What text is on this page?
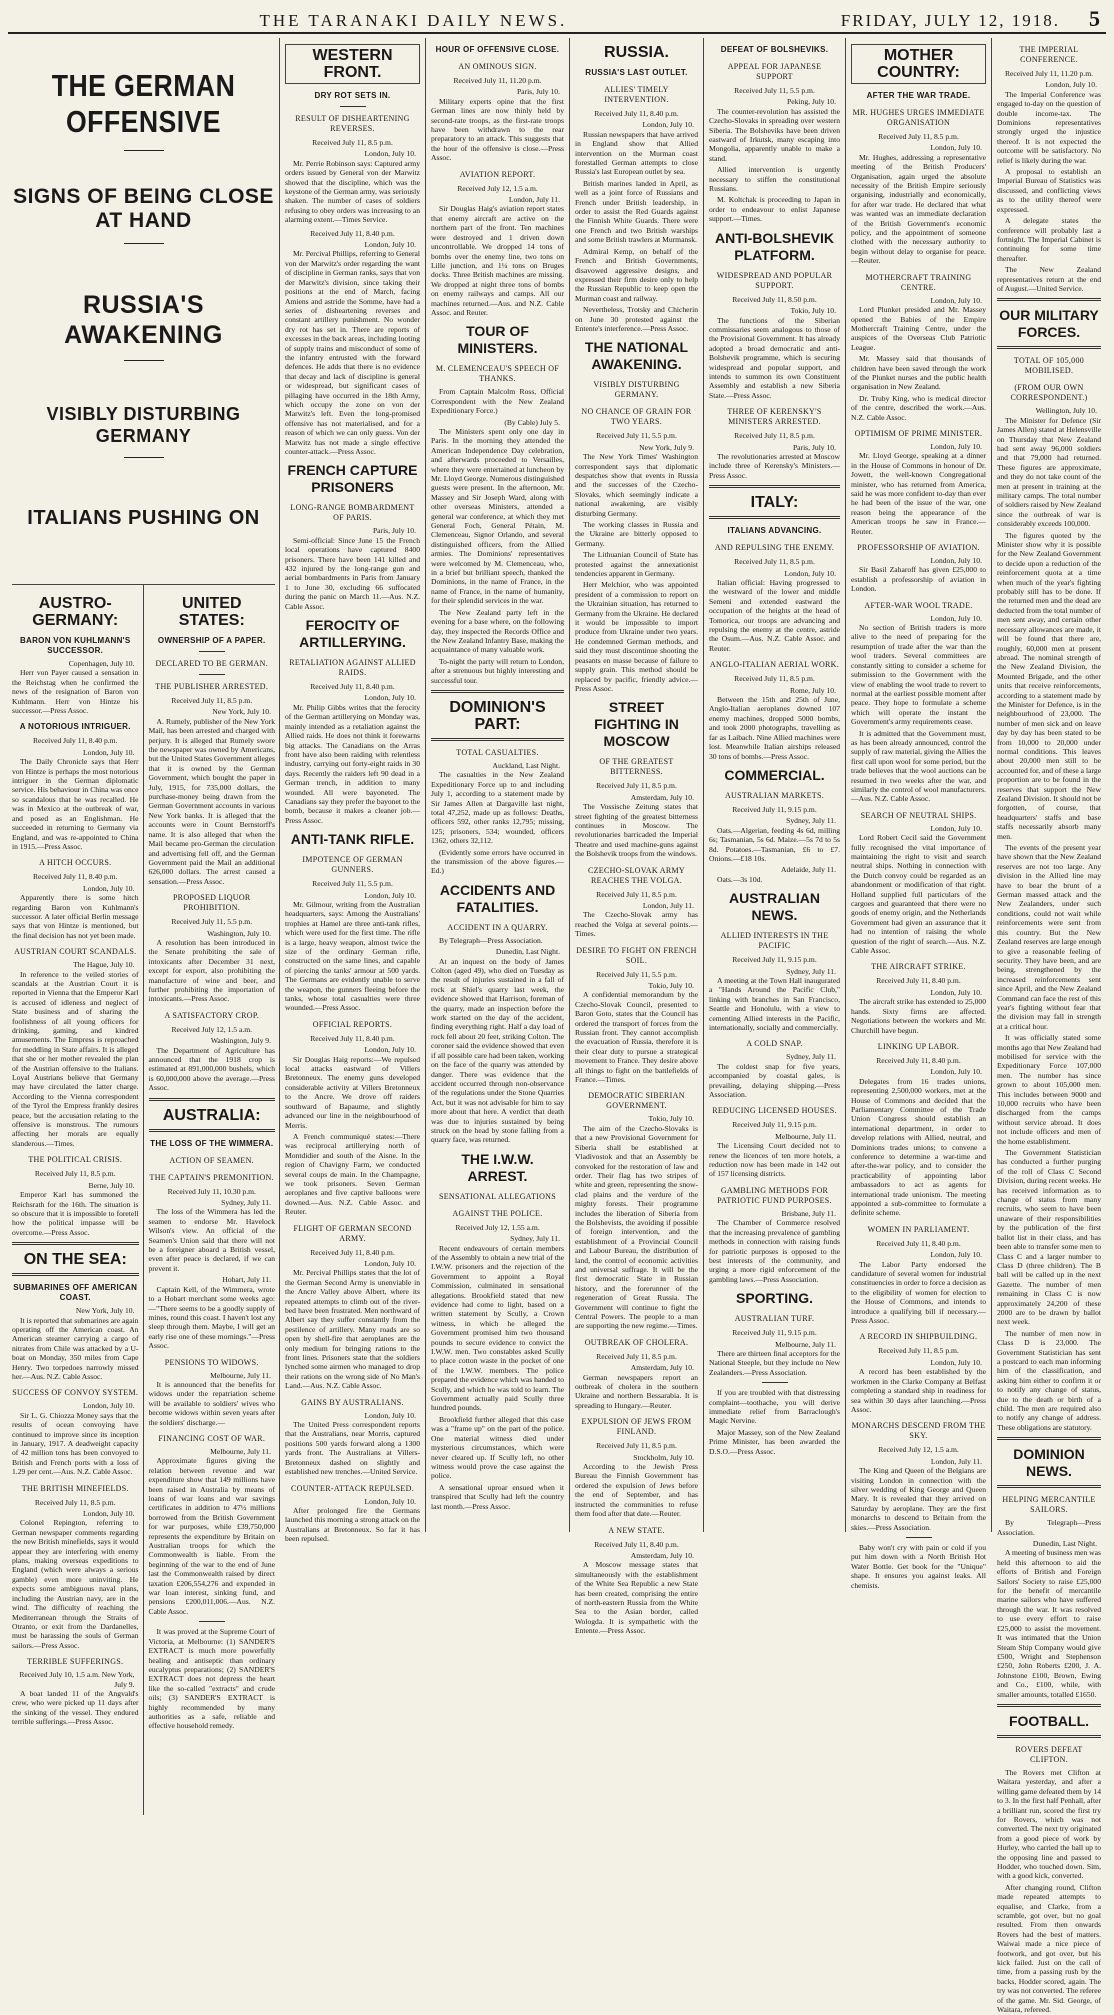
THE TARANAKI DAILY NEWS.	FRIDAY, JULY 12, 1918.	5
THE GERMAN OFFENSIVE
SIGNS OF BEING CLOSE AT HAND
RUSSIA'S AWAKENING
VISIBLY DISTURBING GERMANY
ITALIANS PUSHING ON
AUSTRO-GERMANY:
BARON VON KUHLMANN'S SUCCESSOR.
Copenhagen, July 10.

Herr von Payer caused a sensation in the Reichstag when he confirmed the news of the resignation of Baron von Kuhlmann. Herr von Hintze his successor.—Press Assoc.

A NOTORIOUS INTRIGUER.
Received July 11, 8.40 p.m.
London, July 10.

The Daily Chronicle says that Herr von Hintze is perhaps the most notorious intriguer in the German diplomatic service. His behaviour in China was once so scandalous that he was recalled. He was in Mexico at the outbreak of war, and posed as an Englishman. He succeeded in returning to Germany via England, and was re-appointed to China in 1915.—Press Assoc.

A HITCH OCCURS.
Received July 11, 8.40 p.m.
London, July 10.

Apparently there is some hitch regarding Baron von Kuhlmann's successor. A later official Berlin message says that von Hintze is mentioned, but the final decision has not yet been made.

AUSTRIAN COURT SCANDALS.
The Hague, July 10.

In reference to the veiled stories of scandals at the Austrian Court it is reported in Vienna that the Emperor Karl is accused of idleness and neglect of State business and of sharing the foolishness of all young officers for drinking, gaming, and kindred amusements. The Empress is reproached for meddling in State affairs. It is alleged that she or her mother revealed the plan of the Austrian offensive to the Italians. Loyal Austrians believe that Germany may have circulated the latter charge. According to the Vienna correspondent of the Tyrol the Empress frankly desires peace, but the accusation relating to the offensive is monstrous. The rumours affecting her morals are equally slanderous.—Times.

THE POLITICAL CRISIS.
Received July 11, 8.5 p.m.
Berne, July 10.

Emperor Karl has summoned the Reichsrath for the 16th. The situation is so obscure that it is impossible to foretell how the political impasse will be overcome.—Press Assoc.

ON THE SEA:
SUBMARINES OFF AMERICAN COAST.
New York, July 10.

It is reported that submarines are again operating off the American coast. An American steamer carrying a cargo of nitrates from Chile was attacked by a U-boat on Monday, 350 miles from Cape Henry. Two torpedoes narrowly missed her.—Aus. N.Z. Cable Assoc.

SUCCESS OF CONVOY SYSTEM.
London, July 10.

Sir L. G. Chiozza Money says that the results of ocean convoying have continued to improve since its inception in January, 1917. A deadweight capacity of 42 million tons has been convoyed to British and French ports with a loss of 1.29 per cent.—Aus. N.Z. Cable Assoc.

THE BRITISH MINEFIELDS.
Received July 11, 8.5 p.m.
London, July 10.

Colonel Repington, referring to German newspaper comments regarding the new British minefields, says it would appear they are interfering with enemy plans, making overseas expeditions to England (which were always a serious gamble) even more uninviting. He expects some ambiguous naval plans, including the Austrian navy, are in the wind. The difficulty of reaching the Mediterranean through the Straits of Otranto, or exit from the Dardanelles, must be harassing the souls of German sailors.—Press Assoc.

TERRIBLE SUFFERINGS.
Received July 10, 1.5 a.m. New York, July 9.

A boat landed 11 of the Angvald's crew, who were picked up 11 days after the sinking of the vessel. They endured terrible sufferings.—Press Assoc.

UNITED STATES:
OWNERSHIP OF A PAPER.
DECLARED TO BE GERMAN.
THE PUBLISHER ARRESTED.
Received July 11, 8.5 p.m.
New York, July 10.

A. Rumely, publisher of the New York Mail, has been arrested and charged with perjury. It is alleged that Rumely swore the newspaper was owned by Americans, but the United States Government alleges that it is owned by the German Government, which bought the paper in July, 1915, for 735,000 dollars, the purchase-money being drawn from the German Government accounts in various New York banks. It is alleged that the accounts were in Count Bernstorff's name. It is also alleged that when the Mail became pro-German the circulation and advertising fell off, and the German Government paid the Mail an additional 626,000 dollars. The arrest caused a sensation.—Press Assoc.

PROPOSED LIQUOR PROHIBITION.
Received July 11, 5.5 p.m.
Washington, July 10.

A resolution has been introduced in the Senate prohibiting the sale of intoxicants after December 31 next, except for export, also prohibiting the manufacture of wine and beer, and further prohibiting the importation of intoxicants.—Press Assoc.

A SATISFACTORY CROP.
Received July 12, 1.5 a.m.
Washington, July 9.

The Department of Agriculture has announced that the 1918 crop is estimated at 891,000,000 bushels, which is 60,000,000 above the average.—Press Assoc.

AUSTRALIA:
THE LOSS OF THE WIMMERA.
ACTION OF SEAMEN.
THE CAPTAIN'S PREMONITION.
Received July 11, 10.30 p.m.
Sydney, July 11.

The loss of the Wimmera has led the seamen to endorse Mr. Havelock Wilson's view. An official of the Seamen's Union said that there will not be a foreigner aboard a British vessel, even after peace is declared, if we can prevent it.

Hobart, July 11.

Captain Kell, of the Wimmera, wrote to a Hobart merchant some weeks ago:—"There seems to be a goodly supply of mines, round this coast. I haven't lost any sleep through them. Maybe, I will get an early rise one of these mornings."—Press Assoc.

PENSIONS TO WIDOWS.
Melbourne, July 11.

It is announced that the benefits for widows under the repatriation scheme will be available to soldiers' wives who become widows within seven years after the soldiers' discharge.—

FINANCING COST OF WAR.
Melbourne, July 11.

Approximate figures giving the relation between revenue and war expenditure show that 149 millions have been raised in Australia by means of loans of war loans and war savings certificates in addition to 47½ millions borrowed from the British Government for war purposes, while £39,750,000 represents the expenditure by Britain on Australian troops for which the Commonwealth is liable. From the beginning of the war to the end of June last the Commonwealth raised by direct taxation £206,554,276 and expended in war loan interest, sinking fund, and pensions £200,011,006.—Aus. N.Z. Cable Assoc.

It was proved at the Supreme Court of Victoria, at Melbourne: (1) SANDER'S EXTRACT is much more powerfully healing and antiseptic than ordinary eucalyptus preparations; (2) SANDER'S EXTRACT does not depress the heart like the so-called "extracts" and crude oils; (3) SANDER'S EXTRACT is highly recommended by many authorities as a safe, reliable and effective household remedy.

WESTERN FRONT.
DRY ROT SETS IN.
RESULT OF DISHEARTENING REVERSES.
Received July 11, 8.5 p.m.
London, July 10.

Mr. Perrie Robinson says: Captured army orders issued by General von der Marwitz showed that the discipline, which was the keystone of the German army, was seriously shaken. The number of cases of soldiers refusing to obey orders was increasing to an alarming extent.—Times Service.

Received July 11, 8.40 p.m.
London, July 10.

Mr. Percival Phillips, referring to General von der Marwitz's order regarding the want of discipline in German ranks, says that von der Marwitz's division, since taking their positions at the end of March, facing Amiens and astride the Somme, have had a series of disheartening reverses and constant artillery punishment. No wonder dry rot has set in. There are reports of excesses in the back areas, including looting of supply trains and misconduct of some of the infantry entrusted with the forward defences. He adds that there is no evidence that decay and lack of discipline is general or widespread, but significant cases of pillaging have occurred in the 18th Army, which occupy the zone on von der Marwitz's left. Even the long-promised offensive has not materialised, and for a reason of which we can only guess. Von der Marwitz has not made a single effective counter-attack.—Press Assoc.

FRENCH CAPTURE PRISONERS
LONG-RANGE BOMBARDMENT OF PARIS.
Paris, July 10.

Semi-official: Since June 15 the French local operations have captured 8400 prisoners. There have been 141 killed and 432 injured by the long-range gun and aerial bombardments in Paris from January 1 to June 30, excluding 66 suffocated during the panic on March 11.—Aus. N.Z. Cable Assoc.

FEROCITY OF ARTILLERYING.
RETALIATION AGAINST ALLIED RAIDS.
Received July 11, 8.40 p.m.
London, July 10.

Mr. Philip Gibbs writes that the ferocity of the German artillerying on Monday was, mainly intended as a retaliation against the Allied raids. He does not think it forewarns big attacks. The Canadians on the Arras front have also been raiding with relentless industry, carrying out forty-eight raids in 30 days. Recently the raiders left 90 dead in a German trench, in addition to many wounded. All were bayoneted. The Canadians say they prefer the bayonet to the bomb, because it makes a cleaner job.—Press Assoc.

ANTI-TANK RIFLE.
IMPOTENCE OF GERMAN GUNNERS.
Received July 11, 5.5 p.m.
London, July 10.

Mr. Gilmour, writing from the Australian headquarters, says: Among the Australians' trophies at Hamel are three anti-tank rifles, which were used for the first time. The rifle is a large, heavy weapon, almost twice the size of the ordinary German rifle, constructed on the same lines, and capable of piercing the tanks' armour at 500 yards. The Germans are evidently unable to serve the weapon, the gunners fleeing before the tanks, whose total casualties were three wounded.—Press Assoc.

OFFICIAL REPORTS.
Received July 11, 8.40 p.m.
London, July 10.

Sir Douglas Haig reports:—We repulsed local attacks eastward of Villers Bretonneux. The enemy guns developed considerable activity at Villers Bretonneux to the Ancre. We drove off raiders southward of Bapaume, and slightly advanced our line in the neighbourhood of Merris.

A French communiqué states:—There was reciprocal artillerying north of Montdidier and south of the Aisne. In the region of Chavigny Farm, we conducted several coups de main. In the Champagne, we took prisoners. Seven German aeroplanes and five captive balloons were downed.—Aus. N.Z. Cable Assoc. and Reuter.

FLIGHT OF GERMAN SECOND ARMY.
Received July 11, 8.40 p.m.
London, July 10.

Mr. Percival Phillips states that the lot of the German Second Army is unenviable in the Ancre Valley above Albert, where its repeated attempts to climb out of the river-bed have been frustrated. Men northward of Albert say they suffer constantly from the pestilence of artillery. Many roads are so open by shell-fire that aeroplanes are the only medium for bringing rations to the front lines. Prisoners state that the soldiers lynched some airmen who managed to drop their rations on the wrong side of No Man's Land.—Aus. N.Z. Cable Assoc.

GAINS BY AUSTRALIANS.
London, July 10.

The United Press correspondent reports that the Australians, near Morris, captured positions 500 yards forward along a 1300 yards front. The Australians at Villers-Bretonneux dashed on slightly and established new trenches.—United Service.

COUNTER-ATTACK REPULSED.
London, July 10.

After prolonged fire the Germans launched this morning a strong attack on the Australians at Bretonneux. So far it has been repulsed.

HOUR OF OFFENSIVE CLOSE.
AN OMINOUS SIGN.
Received July 11, 11.20 p.m.
Paris, July 10.

Military experts opine that the first German lines are now thinly held by second-rate troops, as the first-rate troops have been withdrawn to the rear preparatory to an attack. This suggests that the hour of the offensive is close.—Press Assoc.

AVIATION REPORT.
Received July 12, 1.5 a.m.
London, July 11.

Sir Douglas Haig's aviation report states that enemy aircraft are active on the northern part of the front. Ten machines were destroyed and 1 driven down uncontrollable. We dropped 14 tons of bombs over the enemy line, two tons on Lille junction, and 1¼ tons on Bruges docks. Three British machines are missing. We dropped at night three tons of bombs on enemy railways and camps. All our machines returned.—Aus. and N.Z. Cable Assoc. and Reuter.

TOUR OF MINISTERS.
M. CLEMENCEAU'S SPEECH OF THANKS.

From Captain Malcolm Ross, Official Correspondent with the New Zealand Expeditionary Force.)

(By Cable) July 5.

The Ministers spent only one day in Paris. In the morning they attended the American Independence Day celebration, and afterwards proceeded to Versailles, where they were entertained at luncheon by Mr. Lloyd George. Numerous distinguished guests were present. In the afternoon, Mr. Massey and Sir Joseph Ward, along with other overseas Ministers, attended a general war conference, at which they met General Foch, General Pétain, M. Clemenceau, Signor Orlando, and several distinguished officers, from the Allied armies. The Dominions' representatives were welcomed by M. Clemenceau, who, in a brief but brilliant speech, thanked the Dominions, in the name of France, in the name of France, in the name of humanity, for their splendid services in the war.

The New Zealand party left in the evening for a base where, on the following day, they inspected the Records Office and the New Zealand Infantry Base, making the acquaintance of many valuable work.

To-night the party will return to London, after a strenuous but highly interesting and successful tour.

DOMINION'S PART:
TOTAL CASUALTIES.
Auckland, Last Night.

The casualties in the New Zealand Expeditionary Force up to and including July 1, according to a statement made by Sir James Allen at Dargaville last night, total 47,252, made up as follows: Deaths, officers 592, other ranks 12,795; missing, 125; prisoners, 534; wounded, officers 1362, others 32,112.

(Evidently some errors have occurred in the transmission of the above figures.—Ed.)

ACCIDENTS AND FATALITIES.
ACCIDENT IN A QUARRY.

By Telegraph—Press Association.

Dunedin, Last Night.

At an inquest on the body of James Colton (aged 49), who died on Tuesday as the result of injuries sustained in a fall of rock at Shiel's quarry last week, the evidence showed that Harrison, foreman of the quarry, made an inspection before the work started on the day of the accident, finding everything right. Half a day load of rock fell about 20 feet, striking Colton. The coroner said the evidence showed that even if all possible care had been taken, working on the face of the quarry was attended by danger. There was evidence that the accident occurred through non-observance of the regulations under the Stone Quarries Act, but it was not advisable for him to say more about that here. A verdict that death was due to injuries sustained by being struck on the head by stone falling from a quarry face, was returned.

THE I.W.W. ARREST.
SENSATIONAL ALLEGATIONS
AGAINST THE POLICE.
Received July 12, 1.55 a.m.
Sydney, July 11.

Recent endeavours of certain members of the Assembly to obtain a new trial of the I.W.W. prisoners and the rejection of the Government to appoint a Royal Commission, culminated in sensational allegations. Brookfield stated that new evidence had come to light, based on a written statement by Scully, a Crown witness, in which he alleged the Government promised him two thousand pounds to secure evidence to convict the I.W.W. men. Two constables asked Scully to place cotton waste in the pocket of one of the I.W.W. members. The police prepared the evidence which was handed to Scully, and which he was told to learn. The Government actually paid Scully three hundred pounds.

Brookfield further alleged that this case was a "frame up" on the part of the police. One material witness died under mysterious circumstances, which were never cleared up. If Scully left, no other witness would prove the case against the police.

A sensational uproar ensued when it transpired that Scully had left the country last month.—Press Assoc.

RUSSIA.
RUSSIA'S LAST OUTLET.
ALLIES' TIMELY INTERVENTION.
Received July 11, 8.40 p.m.
London, July 10.

Russian newspapers that have arrived in England show that Allied intervention on the Murman coast forestalled German attempts to close Russia's last European outlet by sea.

British marines landed in April, as well as a joint force of Russians and French under British leadership, in order to assist the Red Guards against the Finnish White Guards. There were one French and two British warships and some British trawlers at Murmansk.

Admiral Kemp, on behalf of the French and British Governments, disavowed aggressive designs, and expressed their firm desire only to help the Russian Republic to keep open the Murman coast and railway.

Nevertheless, Trotsky and Chicherin on June 30 protested against the Entente's interference.—Press Assoc.

THE NATIONAL AWAKENING.
VISIBLY DISTURBING GERMANY.
NO CHANCE OF GRAIN FOR TWO YEARS.
Received July 11, 5.5 p.m.
New York, July 9.

The New York Times' Washington correspondent says that diplomatic despatches show that events in Russia and the successes of the Czecho-Slovaks, which seemingly indicate a national awakening, are visibly disturbing Germany.

The working classes in Russia and the Ukraine are bitterly opposed to Germany.

The Lithuanian Council of State has protested against the annexationist tendencies apparent in Germany.

Herr Melchior, who was appointed president of a commission to report on the Ukrainian situation, has returned to Germany from the Ukraine. He declared it would be impossible to import produce from Ukraine under two years. He condemned German methods, and said they must discontinue shooting the peasants en masse because of failure to supply grain. This method should be replaced by pacific, friendly advice.—Press Assoc.

STREET FIGHTING IN MOSCOW
OF THE GREATEST BITTERNESS.
Received July 11, 8.5 p.m.
Amsterdam, July 10.

The Vossische Zeitung states that street fighting of the greatest bitterness continues in Moscow. The revolutionaries barricaded the Imperial Theatre and used machine-guns against the Bolshevik troops from the windows.

CZECHO-SLOVAK ARMY REACHES THE VOLGA.
Received July 11, 8.5 p.m.
London, July 11.

The Czecho-Slovak army has reached the Volga at several points.—Times.

DESIRE TO FIGHT ON FRENCH SOIL.
Received July 11, 5.5 p.m.
Tokio, July 10.

A confidential memorandum by the Czecho-Slovak Council, presented to Baron Goto, states that the Council has ordered the transport of forces from the Russian front. They cannot accomplish the evacuation of Russia, therefore it is their clear duty to pursue a strategical movement to France. They desire above all things to fight on the battlefields of France.—Times.

DEMOCRATIC SIBERIAN GOVERNMENT.
Tokio, July 10.

The aim of the Czecho-Slovaks is that a new Provisional Government for Siberia shall be established at Vladivostok and that an Assembly be convoked for the restoration of law and order. Their flag has two stripes of white and green, representing the snow-clad plains and the verdure of the mighty forests. Their programme includes the liberation of Siberia from the Bolshevists, the avoiding if possible of foreign intervention, and the establishment of a Provincial Council and Labour Bureau, the distribution of land, the control of economic activities and universal suffrage. It will be the first democratic State in Russian history, and the forerunner of the regeneration of Great Russia. The Government will continue to fight the Central Powers. The people to a man are supporting the new regime.—Times.

OUTBREAK OF CHOLERA.
Received July 11, 8.5 p.m.
Amsterdam, July 10.

German newspapers report an outbreak of cholera in the southern Ukraine and northern Bessarabia. It is spreading to Hungary.—Reuter.

EXPULSION OF JEWS FROM FINLAND.
Received July 11, 8.5 p.m.
Stockholm, July 10.

According to the Jewish Press Bureau the Finnish Government has ordered the expulsion of Jews before the end of September, and has instructed the communities to refuse them food after that date.—Reuter.

A NEW STATE.
Received July 11, 8.40 p.m.
Amsterdam, July 10.

A Moscow message states that simultaneously with the establishment of the White Sea Republic a new State has been created, comprising the entire of north-eastern Russia from the White Sea to the Asian border, called Wologda. It is sympathetic with the Entente.—Press Assoc.

DEFEAT OF BOLSHEVIKS.
APPEAL FOR JAPANESE SUPPORT
Received July 11, 5.5 p.m.
Peking, July 10.

The counter-revolution has assisted the Czecho-Slovaks in spreading over western Siberia. The Bolsheviks have been driven eastward of Irkutsk, many escaping into Mongolia, apparently unable to make a stand.

Allied intervention is urgently necessary to stiffen the constitutional Russians.

M. Koltchak is proceeding to Japan in order to endeavour to enlist Japanese support.—Times.

ANTI-BOLSHEVIK PLATFORM.
WIDESPREAD AND POPULAR SUPPORT.
Received July 11, 8.50 p.m.
Tokio, July 10.

The functions of the Siberian commissaries seem analogous to those of the Provisional Government. It has already adopted a broad democratic and anti-Bolshevik programme, which is securing widespread and popular support, and intends to summon its own Constituent Assembly and establish a new Siberia State.—Press Assoc.

THREE OF KERENSKY'S MINISTERS ARRESTED.
Received July 11, 8.5 p.m.
Paris, July 10.

The revolutionaries arrested at Moscow include three of Kerensky's Ministers.—Press Assoc.

ITALY:
ITALIANS ADVANCING.
AND REPULSING THE ENEMY.
Received July 11, 8.5 p.m.
London, July 10.

Italian official: Having progressed to the westward of the lower and middle Semeni and extended eastward the occupation of the heights at the head of Tomorica, our troops are advancing and repulsing the enemy at the centre, astride the Osum.—Aus. N.Z. Cable Assoc. and Reuter.

ANGLO-ITALIAN AERIAL WORK.
Received July 11, 8.5 p.m.
Rome, July 10.

Between the 15th and 25th of June, Anglo-Italian aeroplanes downed 107 enemy machines, dropped 5000 bombs, and took 2000 photographs, travelling as far as Laibach. Nine Allied machines were lost. Meanwhile Italian airships released 30 tons of bombs.—Press Assoc.

COMMERCIAL.
AUSTRALIAN MARKETS.
Received July 11, 9.15 p.m.
Sydney, July 11.

Oats.—Algerian, feeding 4s 6d, milling 6s; Tasmanian, 5s 6d. Maize.—5s 7d to 5s 8d. Potatoes.—Tasmanian, £6 to £7. Onions.—£18 10s.

Adelaide, July 11.

Oats.—3s 10d.

AUSTRALIAN NEWS.
ALLIED INTERESTS IN THE PACIFIC
Received July 11, 9.15 p.m.
Sydney, July 11.

A meeting at the Town Hall inaugurated a "Hands Around the Pacific Club," linking with branches in San Francisco, Seattle and Honolulu, with a view to cementing Allied interests in the Pacific, internationally, socially and commercially.

A COLD SNAP.
Sydney, July 11.

The coldest snap for five years, accompanied by coastal gales, is prevailing, delaying shipping.—Press Association.

REDUCING LICENSED HOUSES.
Received July 11, 9.15 p.m.
Melbourne, July 11.

The Licensing Court decided not to renew the licences of ten more hotels, a reduction now has been made in 142 out of 157 licensing districts.

GAMBLING METHODS FOR PATRIOTIC FUND PURPOSES.
Brisbane, July 11.

The Chamber of Commerce resolved that the increasing prevalence of gambling methods in connection with raising funds for patriotic purposes is opposed to the best interests of the community, and urging a more rigid enforcement of the gambling laws.—Press Association.

SPORTING.
AUSTRALIAN TURF.
Received July 11, 9.15 p.m.
Melbourne, July 11.

There are thirteen final acceptors for the National Steeple, but they include no New Zealanders.—Press Association.

If you are troubled with that distressing complaint—toothache, you will derive immediate relief from Barraclough's Magic Nervine.

Major Massey, son of the New Zealand Prime Minister, has been awarded the D.S.O.—Press Assoc.

MOTHER COUNTRY:
AFTER THE WAR TRADE.
MR. HUGHES URGES IMMEDIATE ORGANISATION
Received July 11, 8.5 p.m.
London, July 10.

Mr. Hughes, addressing a representative meeting of the British Producers' Organisation, again urged the absolute necessity of the British Empire seriously organising, industrially and economically, for after war trade. He declared that what was wanted was an immediate declaration of the British Government's economic policy, and the appointment of someone clothed with the necessary authority to begin without delay to organise for peace.—Reuter.

MOTHERCRAFT TRAINING CENTRE.
London, July 10.

Lord Plunket presided and Mr. Massey opened the Babies of the Empire Mothercraft Training Centre, under the auspices of the Overseas Club Patriotic League.

Mr. Massey said that thousands of children have been saved through the work of the Plunket nurses and the public health organisation in New Zealand.

Dr. Truby King, who is medical director of the centre, described the work.—Aus. N.Z. Cable Assoc.

OPTIMISM OF PRIME MINISTER.
London, July 10.

Mr. Lloyd George, speaking at a dinner in the House of Commons in honour of Dr. Jowett, the well-known Congregational minister, who has returned from America, said he was more confident to-day than ever he had been of the issue of the war, one reason being the appearance of the American troops he saw in France.—Reuter.

PROFESSORSHIP OF AVIATION.
London, July 10.

Sir Basil Zaharoff has given £25,000 to establish a professorship of aviation in London.

AFTER-WAR WOOL TRADE.
London, July 10.

No section of British traders is more alive to the need of preparing for the resumption of trade after the war than the wool traders. Several committees are constantly sitting to consider a scheme for submission to the Government with the view of enabling the wool trade to revert to normal at the earliest possible moment after peace. They hope to formulate a scheme which will operate the instant the Government's army requirements cease.

It is admitted that the Government must, as has been already announced, control the supply of raw material, giving the Allies the first call upon wool for some period, but the trade believes that the wool auctions can be resumed in two weeks after the war, and similarly the control of wool manufacturers.—Aus. N.Z. Cable Assoc.

SEARCH OF NEUTRAL SHIPS.
London, July 10.

Lord Robert Cecil said the Government fully recognised the vital importance of maintaining the right to visit and search neutral ships. Nothing in connection with the Dutch convoy could be regarded as an abandonment or modification of that right. Holland supplied full particulars of the cargoes and guaranteed that there were no goods of enemy origin, and the Netherlands Government had given an assurance that it had no intention of raising the whole question of the right of search.—Aus. N.Z. Cable Assoc.

THE AIRCRAFT STRIKE.
Received July 11, 8.40 p.m.
London, July 10.

The aircraft strike has extended to 25,000 hands. Sixty firms are affected. Negotiations between the workers and Mr. Churchill have begun.

LINKING UP LABOR.
Received July 11, 8.40 p.m.
London, July 10.

Delegates from 16 trades unions, representing 2,500,000 workers, met at the House of Commons and decided that the Parliamentary Committee of the Trade Union Congress should establish an international department, in order to develop relations with Allied, neutral, and Dominions trades unions; to convene a conference to determine a war-time and after-the-war policy, and to consider the practicability of appointing labor ambassadors to act as agents for international trade unionism. The meeting appointed a sub-committee to formulate a definite scheme.

WOMEN IN PARLIAMENT.
Received July 11, 8.40 p.m.
London, July 10.

The Labor Party endorsed the candidature of several women for industrial constituencies in order to force a decision as to the eligibility of women for election to the House of Commons, and intends to introduce a qualifying bill if necessary.—Press Assoc.

A RECORD IN SHIPBUILDING.
Received July 11, 8.5 p.m.
London, July 10.

A record has been established by the workmen in the Clarke Company at Belfast completing a standard ship in readiness for sea within 30 days after launching.—Press Assoc.

MONARCHS DESCEND FROM THE SKY.
Received July 12, 1.5 a.m.
London, July 11.

The King and Queen of the Belgians are visiting London in connection with the silver wedding of King George and Queen Mary. It is revealed that they arrived on Saturday by aeroplane. They are the first monarchs to descend to Britain from the skies.—Press Association.

Baby won't cry with pain or cold if you put him down with a North British Hot Water Bottle. Get book for the "Unique" shape. It ensures you against leaks. All chemists.

THE IMPERIAL CONFERENCE.
Received July 11, 11.20 p.m.
London, July 10.

The Imperial Conference was engaged to-day on the question of double income-tax. The Dominions representatives strongly urged the injustice thereof. It is not expected the outcome will be satisfactory. No relief is likely during the war.

A proposal to establish an Imperial Bureau of Statistics was discussed, and conflicting views as to the utility thereof were expressed.

A delegate states the conference will probably last a fortnight. The Imperial Cabinet is continuing for some time thereafter.

The New Zealand representatives return at the end of August.—United Service.

OUR MILITARY FORCES.
TOTAL OF 105,000 MOBILISED.
(FROM OUR OWN CORRESPONDENT.)
Wellington, July 10.

The Minister for Defence (Sir James Allen) stated at Helensville on Thursday that New Zealand had sent away 96,000 soldiers and that 79,000 had returned. These figures are approximate, and they do not take count of the men at present in training at the military camps. The total number of soldiers raised by New Zealand since the outbreak of war is considerably exceeds 100,000.

The figures quoted by the Minister show why it is possible for the New Zealand Government to decide upon a reduction of the reinforcement quota at a time when much of the year's fighting probably still has to be done. If the returned men and the dead are deducted from the total number of men sent away, and certain other necessary allowances are made, it will be found that there are, roughly, 60,000 men at present abroad. The nominal strength of the New Zealand Division, the Mounted Brigade, and the other units that receive reinforcements, according to a statement made by the Minister for Defence, is in the neighbourhood of 23,000. The number of men sick and on leave day by day has been stated to be from 10,000 to 20,000 under normal conditions. This leaves about 20,000 men still to be accounted for, and of these a large proportion are to be found in the reserves that support the New Zealand Division. It should not be forgotten, of course, that headquarters' staffs and base staffs necessarily absorb many men.

The events of the present year have shown that the New Zealand reserves are not too large. Any division in the Allied line may have to bear the brunt of a German massed attack and the New Zealanders, under such conditions, could not wait while reinforcements were sent from this country. But the New Zealand reserves are large enough to give a reasonable feeling of security. They have been, and are being, strengthened by the increased reinforcements sent since April, and the New Zealand Command can face the rest of this year's fighting without fear that the division may fall in strength at a critical hour.

It was officially stated some months ago that New Zealand had mobilised for service with the Expeditionary Force 107,000 men. The number has since grown to about 105,000 men. This includes between 9000 and 10,000 recruits who have been discharged from the camps without service abroad. It does not include officers and men of the home establishment.

The Government Statistician has conducted a further purging of the roll of Class C Second Division, during recent weeks. He has received information as to change of status from many recruits, who seem to have been unaware of their responsibilities by the publication of the first ballot list in their class, and has been able to transfer some men to Class C and a larger number to Class D (three children). The B ball will be called up in the next Gazette. The number of men remaining in Class C is now approximately 24,200 of these 2000 are to be drawn by ballot next week.

The number of men now in Class D is 23,000. The Government Statistician has sent a postcard to each man informing him of the classification, and asking him either to confirm it or to notify any change of status, due to the death or birth of a child. The men are required also to notify any change of address. These obligations are statutory.

DOMINION NEWS.
HELPING MERCANTILE SAILORS.

By Telegraph—Press Association.

Dunedin, Last Night.

A meeting of business men was held this afternoon to aid the efforts of British and Foreign Sailors' Society to raise £25,000 for the benefit of mercantile marine sailors who have suffered through the war. It was resolved to use every effort to raise £25,000 to assist the movement. It was intimated that the Union Steam Ship Company would give £500, Wright and Stephenson £250, John Roberts £200, J. A. Johnstone £100, Brown, Ewing and Co., £100, while, with smaller amounts, totalled £1650.

FOOTBALL.
ROVERS DEFEAT CLIFTON.

The Rovers met Clifton at Waitara yesterday, and after a willing game defeated them by 14 to 3. In the first half Penhall, after a brilliant run, scored the first try for Rovers, which was not converted. The next try originated from a good piece of work by Hurley, who carried the ball up to the opposing line and passed to Hodder, who touched down. Sim, with a good kick, converted.

After changing round, Clifton made repeated attempts to equalise, and Clarke, from a scramble, got over, but no goal resulted. From then onwards Rovers had the best of matters. Waiwai made a nice piece of footwork, and got over, but his kick failed. Just on the call of time, from a passing rush by the backs, Hodder scored, again. The try was not converted. The referee of the game. Mr. Sid. George, of Waitara, refereed.
